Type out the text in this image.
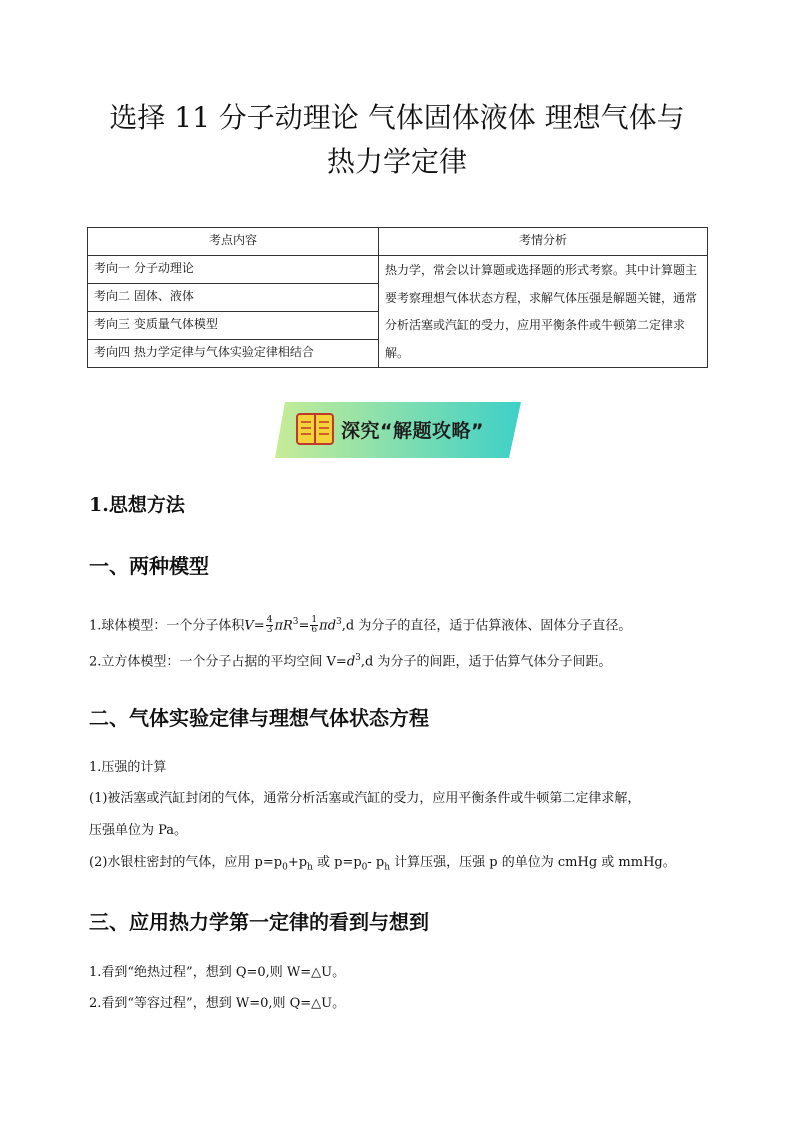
选择 11 分子动理论 气体固体液体 理想气体与
热力学定律
考点内容	考情分析
考向一 分子动理论	热力学，常会以计算题或选择题的形式考察。其中计算题主要考察理想气体状态方程，求解气体压强是解题关键，通常分析活塞或汽缸的受力，应用平衡条件或牛顿第二定律求解。
考向二 固体、液体	
考向三 变质量气体模型	
考向四 热力学定律与气体实验定律相结合	
深究“解题攻略”
1.思想方法
一、两种模型

1.球体模型：一个分子体积$V= \frac{4}{3} \pi R^3= \frac{1}{6} \pi d^3,d$ 为分子的直径，适于估算液体、固体分子直径。

2.立方体模型：一个分子占据的平均空间 $V=d^3,d$ 为分子的间距，适于估算气体分子间距。

二、气体实验定律与理想气体状态方程

1.压强的计算

(1)被活塞或汽缸封闭的气体，通常分析活塞或汽缸的受力，应用平衡条件或牛顿第二定律求解，

压强单位为 Pa。

(2)水银柱密封的气体，应用 $p=p_0+p_h$ 或 $p=p_0-$ $p_h$ 计算压强，压强 p 的单位为 cmHg 或 mmHg。

三、应用热力学第一定律的看到与想到

1.看到“绝热过程”，想到 Q=0,则 W=△U。

2.看到“等容过程”，想到 W=0,则 Q=△U。
